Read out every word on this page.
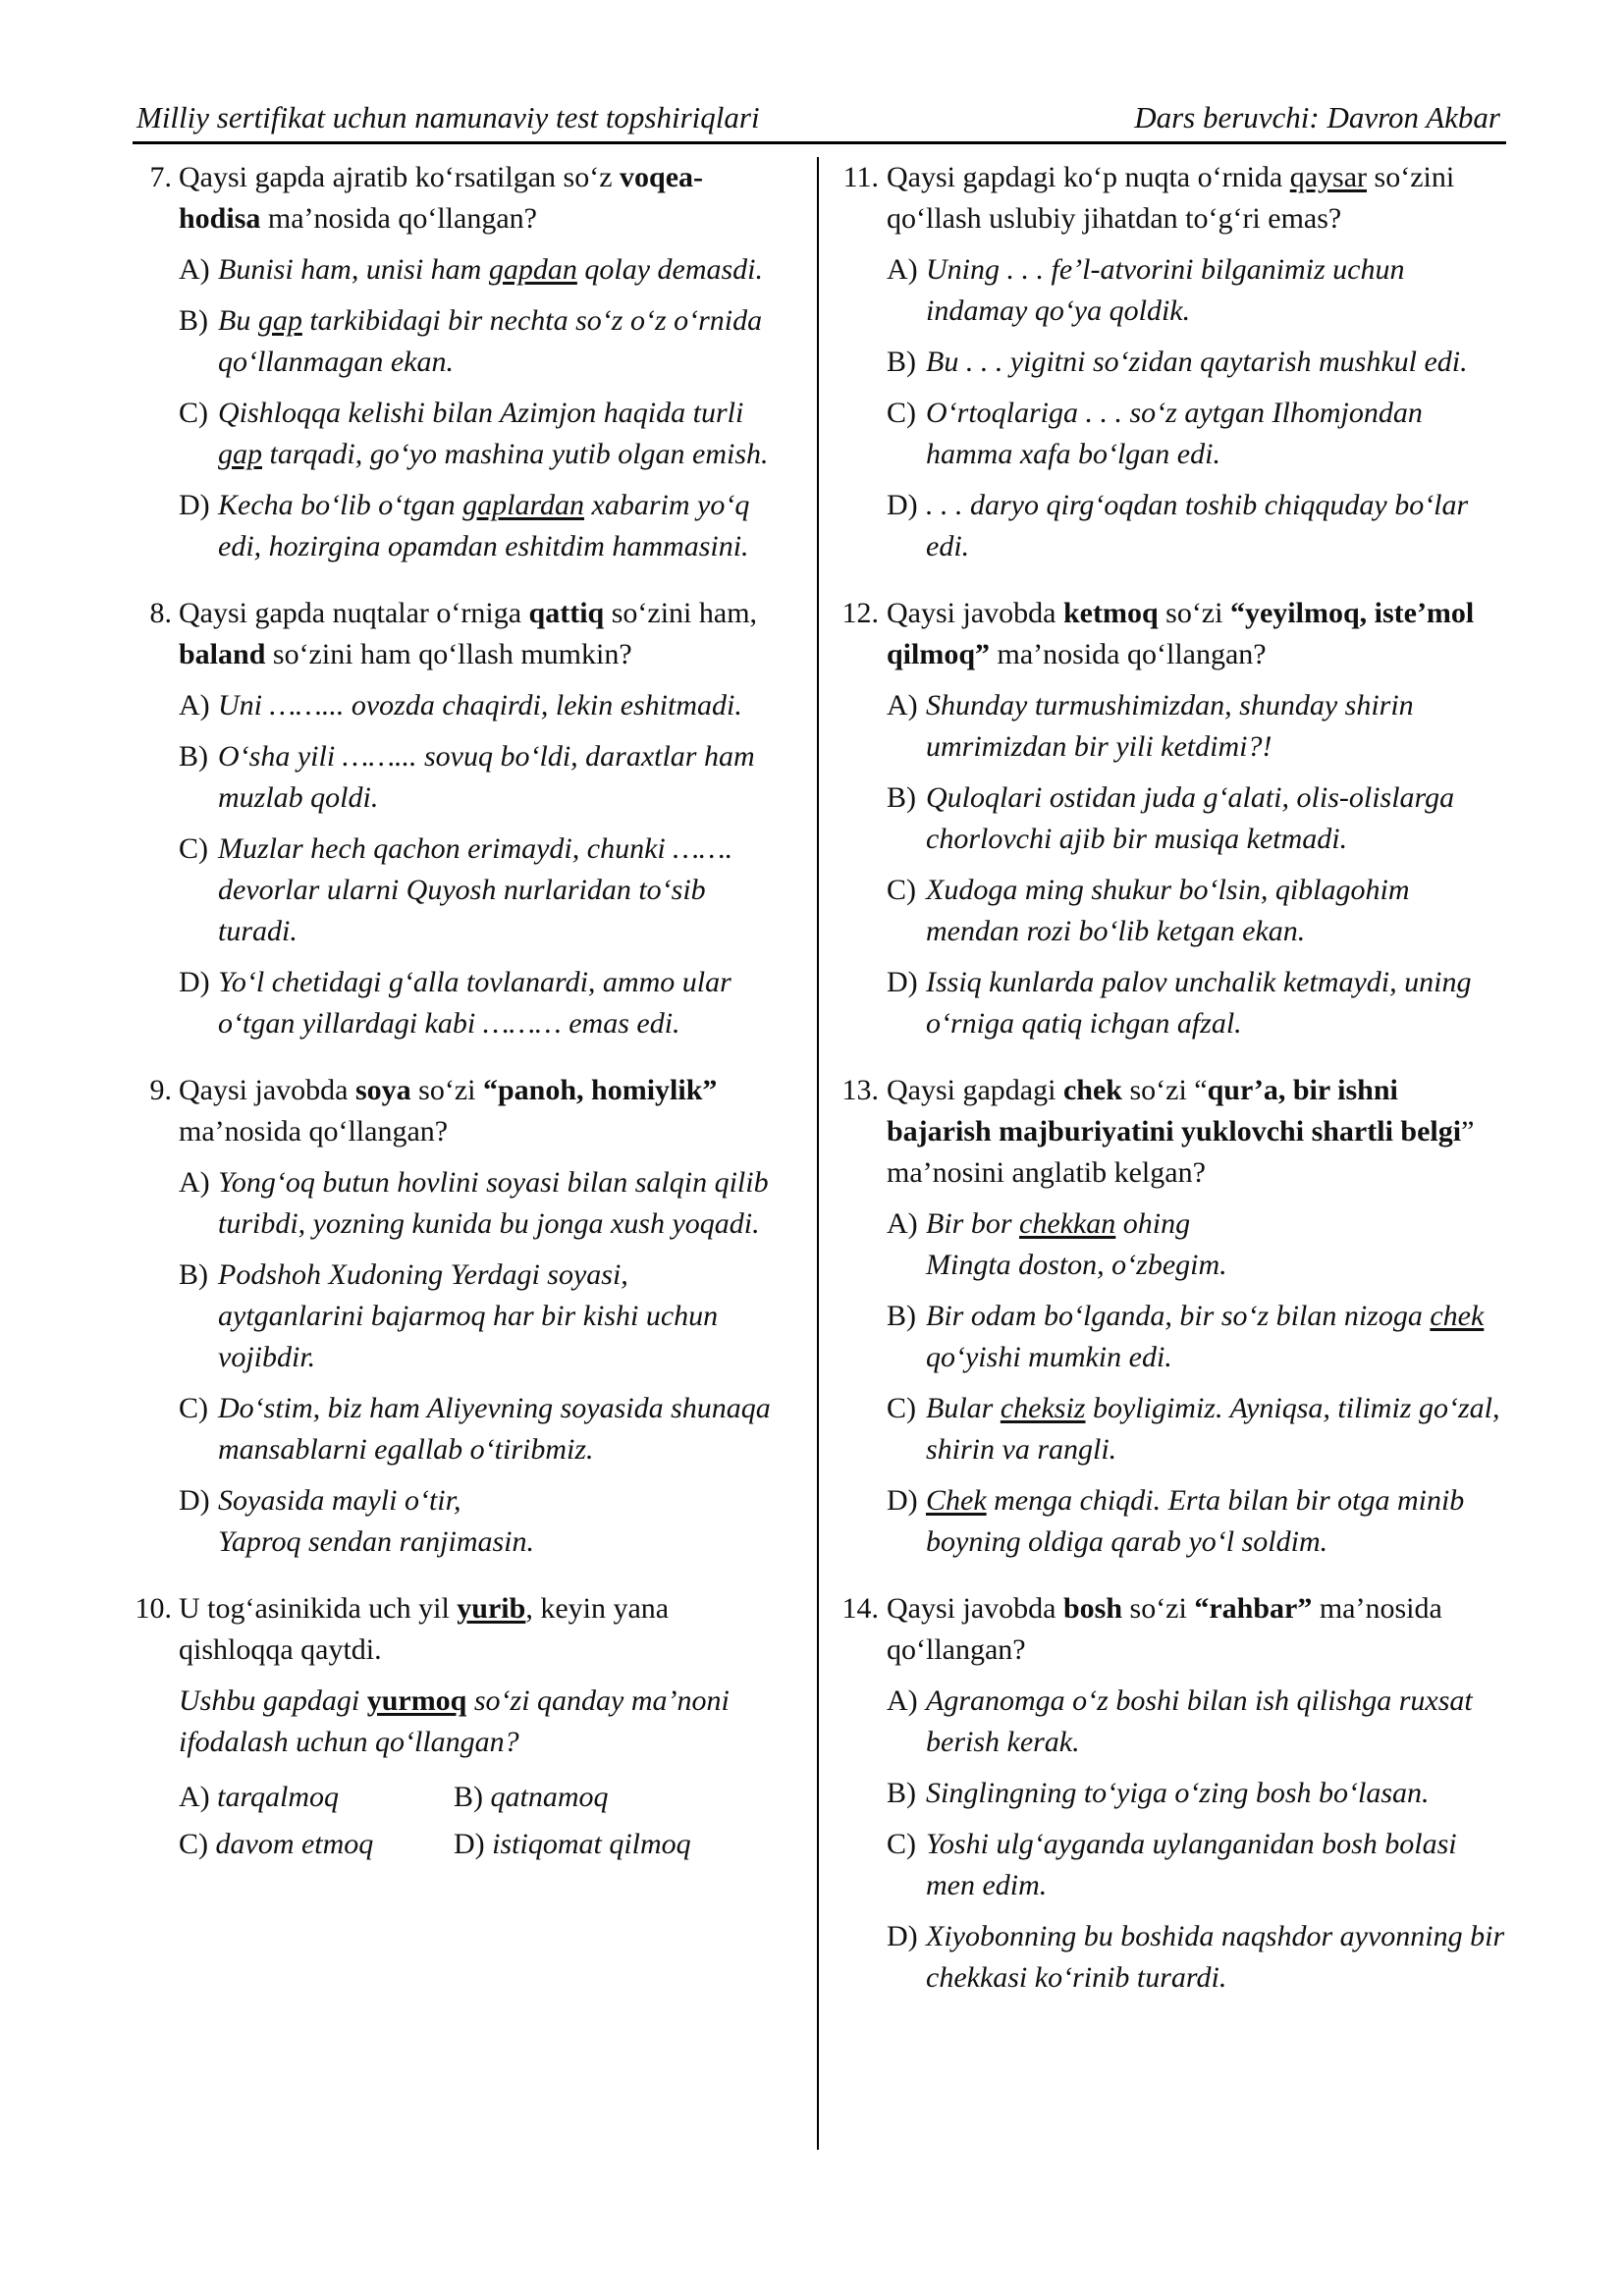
Milliy sertifikat uchun namunaviy test topshiriqlari	Dars beruvchi: Davron Akbar
7. Qaysi gapda ajratib ko‘rsatilgan so‘z voqea-hodisa ma’nosida qo‘llangan?
A) Bunisi ham, unisi ham gapdan qolay demasdi.
B) Bu gap tarkibidagi bir nechta so‘z o‘z o‘rnida qo‘llanmagan ekan.
C) Qishloqqa kelishi bilan Azimjon haqida turli gap tarqadi, go‘yo mashina yutib olgan emish.
D) Kecha bo‘lib o‘tgan gaplardan xabarim yo‘q edi, hozirgina opamdan eshitdim hammasini.
8. Qaysi gapda nuqtalar o‘rniga qattiq so‘zini ham, baland so‘zini ham qo‘llash mumkin?
A) Uni ……... ovozda chaqirdi, lekin eshitmadi.
B) O‘sha yili ……... sovuq bo‘ldi, daraxtlar ham muzlab qoldi.
C) Muzlar hech qachon erimaydi, chunki ……. devorlar ularni Quyosh nurlaridan to‘sib turadi.
D) Yo‘l chetidagi g‘alla tovlanardi, ammo ular o‘tgan yillardagi kabi ……… emas edi.
9. Qaysi javobda soya so‘zi “panoh, homiylik” ma’nosida qo‘llangan?
A) Yong‘oq butun hovlini soyasi bilan salqin qilib turibdi, yozning kunida bu jonga xush yoqadi.
B) Podshoh Xudoning Yerdagi soyasi, aytganlarini bajarmoq har bir kishi uchun vojibdir.
C) Do‘stim, biz ham Aliyevning soyasida shunaqa mansablarni egallab o‘tiribmiz.
D) Soyasida mayli o‘tir,
Yaproq sendan ranjimasin.
10. U tog‘asinikida uch yil yurib, keyin yana qishloqqa qaytdi.
Ushbu gapdagi yurmoq so‘zi qanday ma’noni ifodalash uchun qo‘llangan?
A) tarqalmoq	B) qatnamoq
C) davom etmoq	D) istiqomat qilmoq
11. Qaysi gapdagi ko‘p nuqta o‘rnida qaysar so‘zini qo‘llash uslubiy jihatdan to‘g‘ri emas?
A) Uning . . . fe’l-atvorini bilganimiz uchun indamay qo‘ya qoldik.
B) Bu . . . yigitni so‘zidan qaytarish mushkul edi.
C) O‘rtoqlariga . . . so‘z aytgan Ilhomjondan hamma xafa bo‘lgan edi.
D) . . . daryo qirg‘oqdan toshib chiqquday bo‘lar edi.
12. Qaysi javobda ketmoq so‘zi “yeyilmoq, iste’mol qilmoq” ma’nosida qo‘llangan?
A) Shunday turmushimizdan, shunday shirin umrimizdan bir yili ketdimi?!
B) Quloqlari ostidan juda g‘alati, olis-olislarga chorlovchi ajib bir musiqa ketmadi.
C) Xudoga ming shukur bo‘lsin, qiblagohim mendan rozi bo‘lib ketgan ekan.
D) Issiq kunlarda palov unchalik ketmaydi, uning o‘rniga qatiq ichgan afzal.
13. Qaysi gapdagi chek so‘zi “qur’a, bir ishni bajarish majburiyatini yuklovchi shartli belgi” ma’nosini anglatib kelgan?
A) Bir bor chekkan ohing
Mingta doston, o‘zbegim.
B) Bir odam bo‘lganda, bir so‘z bilan nizoga chek qo‘yishi mumkin edi.
C) Bular cheksiz boyligimiz. Ayniqsa, tilimiz go‘zal, shirin va rangli.
D) Chek menga chiqdi. Erta bilan bir otga minib boyning oldiga qarab yo‘l soldim.
14. Qaysi javobda bosh so‘zi “rahbar” ma’nosida qo‘llangan?
A) Agranomga o‘z boshi bilan ish qilishga ruxsat berish kerak.
B) Singlingning to‘yiga o‘zing bosh bo‘lasan.
C) Yoshi ulg‘ayganda uylanganidan bosh bolasi men edim.
D) Xiyobonning bu boshida naqshdor ayvonning bir chekkasi ko‘rinib turardi.
